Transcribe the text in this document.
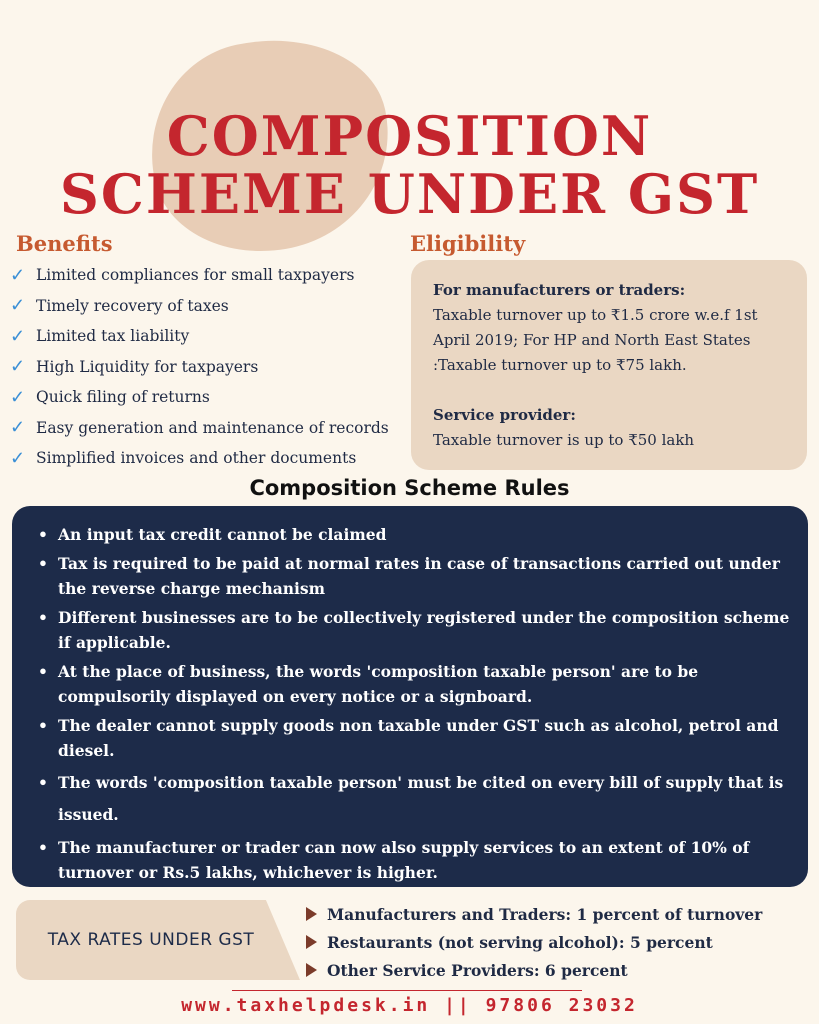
COMPOSITION
SCHEME UNDER GST
Benefits
✓ Limited compliances for small taxpayers
✓ Timely recovery of taxes
✓ Limited tax liability
✓ High Liquidity for taxpayers
✓ Quick filing of returns
✓ Easy generation and maintenance of records
✓ Simplified invoices and other documents
Eligibility

For manufacturers or traders:

Taxable turnover up to ₹1.5 crore w.e.f 1st April 2019; For HP and North East States :Taxable turnover up to ₹75 lakh.

Service provider:

Taxable turnover is up to ₹50 lakh

Composition Scheme Rules
• An input tax credit cannot be claimed
• Tax is required to be paid at normal rates in case of transactions carried out under the reverse charge mechanism
• Different businesses are to be collectively registered under the composition scheme if applicable.
• At the place of business, the words 'composition taxable person' are to be compulsorily displayed on every notice or a signboard.
• The dealer cannot supply goods non taxable under GST such as alcohol, petrol and diesel.
• The words 'composition taxable person' must be cited on every bill of supply that is issued.
• The manufacturer or trader can now also supply services to an extent of 10% of turnover or Rs.5 lakhs, whichever is higher.
TAX RATES UNDER GST
Manufacturers and Traders: 1 percent of turnover
Restaurants (not serving alcohol): 5 percent
Other Service Providers: 6 percent
www.taxhelpdesk.in || 97806 23032
